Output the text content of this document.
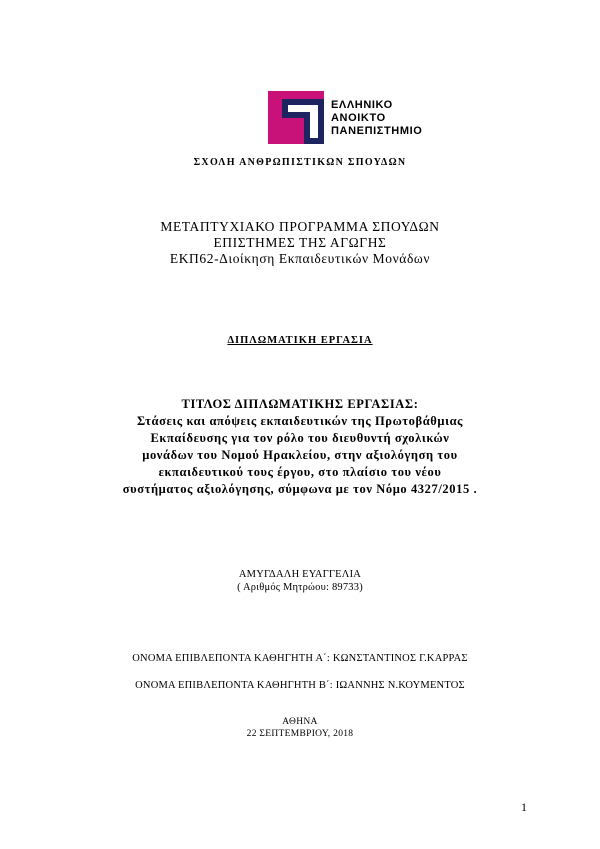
ΕΛΛΗΝΙΚΟ
ΑΝΟΙΚΤΟ
ΠΑΝΕΠΙΣΤΗΜΙΟ
ΣΧΟΛΗ ΑΝΘΡΩΠΙΣΤΙΚΩΝ ΣΠΟΥΔΩΝ
ΜΕΤΑΠΤΥΧΙΑΚΟ ΠΡΟΓΡΑΜΜΑ ΣΠΟΥΔΩΝ
ΕΠΙΣΤΗΜΕΣ ΤΗΣ ΑΓΩΓΗΣ
ΕΚΠ62-Διοίκηση Εκπαιδευτικών Μονάδων
ΔΙΠΛΩΜΑΤΙΚΗ ΕΡΓΑΣΙΑ
ΤΙΤΛΟΣ ΔΙΠΛΩΜΑΤΙΚΗΣ ΕΡΓΑΣΙΑΣ:
Στάσεις και απόψεις εκπαιδευτικών της Πρωτοβάθμιας
Εκπαίδευσης για τον ρόλο του διευθυντή σχολικών
μονάδων του Νομού Ηρακλείου, στην αξιολόγηση του
εκπαιδευτικού τους έργου, στο πλαίσιο του νέου
συστήματος αξιολόγησης, σύμφωνα με τον Νόμο 4327/2015 .
ΑΜΥΓΔΑΛΗ ΕΥΑΓΓΕΛΙΑ
( Αριθμός Μητρώου: 89733)
ΟΝΟΜΑ ΕΠΙΒΛΕΠΟΝΤΑ ΚΑΘΗΓΗΤΗ Α΄: ΚΩΝΣΤΑΝΤΙΝΟΣ Γ.ΚΑΡΡΑΣ
ΟΝΟΜΑ ΕΠΙΒΛΕΠΟΝΤΑ ΚΑΘΗΓΗΤΗ Β΄: ΙΩΑΝΝΗΣ Ν.ΚΟΥΜΕΝΤΟΣ
ΑΘΗΝΑ
22 ΣΕΠΤΕΜΒΡΙΟΥ, 2018
1
